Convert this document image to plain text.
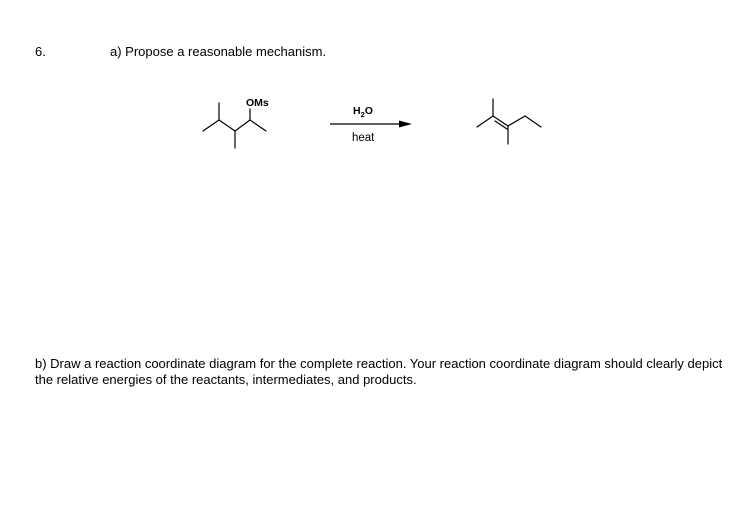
6.	a) Propose a reasonable mechanism.
OMs
$H_2O$
heat
b) Draw a reaction coordinate diagram for the complete reaction. Your reaction coordinate diagram should clearly depict the relative energies of the reactants, intermediates, and products.
